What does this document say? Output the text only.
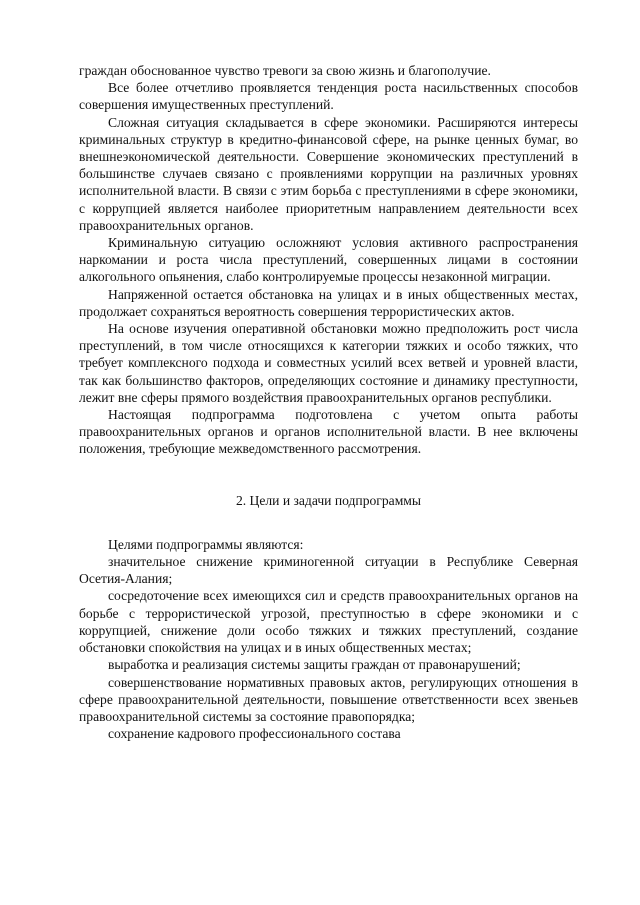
граждан обоснованное чувство тревоги за свою жизнь и благополучие.

Все более отчетливо проявляется тенденция роста насильственных способов совершения имущественных преступлений.

Сложная ситуация складывается в сфере экономики. Расширяются интересы криминальных структур в кредитно-финансовой сфере, на рынке ценных бумаг, во внешнеэкономической деятельности. Совершение экономических преступлений в большинстве случаев связано с проявлениями коррупции на различных уровнях исполнительной власти. В связи с этим борьба с преступлениями в сфере экономики, с коррупцией является наиболее приоритетным направлением деятельности всех правоохранительных органов.

Криминальную ситуацию осложняют условия активного распространения наркомании и роста числа преступлений, совершенных лицами в состоянии алкогольного опьянения, слабо контролируемые процессы незаконной миграции.

Напряженной остается обстановка на улицах и в иных общественных местах, продолжает сохраняться вероятность совершения террористических актов.

На основе изучения оперативной обстановки можно предположить рост числа преступлений, в том числе относящихся к категории тяжких и особо тяжких, что требует комплексного подхода и совместных усилий всех ветвей и уровней власти, так как большинство факторов, определяющих состояние и динамику преступности, лежит вне сферы прямого воздействия правоохранительных органов республики.

Настоящая подпрограмма подготовлена с учетом опыта работы правоохранительных органов и органов исполнительной власти. В нее включены положения, требующие межведомственного рассмотрения.

2. Цели и задачи подпрограммы

Целями подпрограммы являются:

значительное снижение криминогенной ситуации в Республике Северная Осетия-Алания;

сосредоточение всех имеющихся сил и средств правоохранительных органов на борьбе с террористической угрозой, преступностью в сфере экономики и с коррупцией, снижение доли особо тяжких и тяжких преступлений, создание обстановки спокойствия на улицах и в иных общественных местах;

выработка и реализация системы защиты граждан от правонарушений;

совершенствование нормативных правовых актов, регулирующих отношения в сфере правоохранительной деятельности, повышение ответственности всех звеньев правоохранительной системы за состояние правопорядка;

сохранение кадрового профессионального состава
